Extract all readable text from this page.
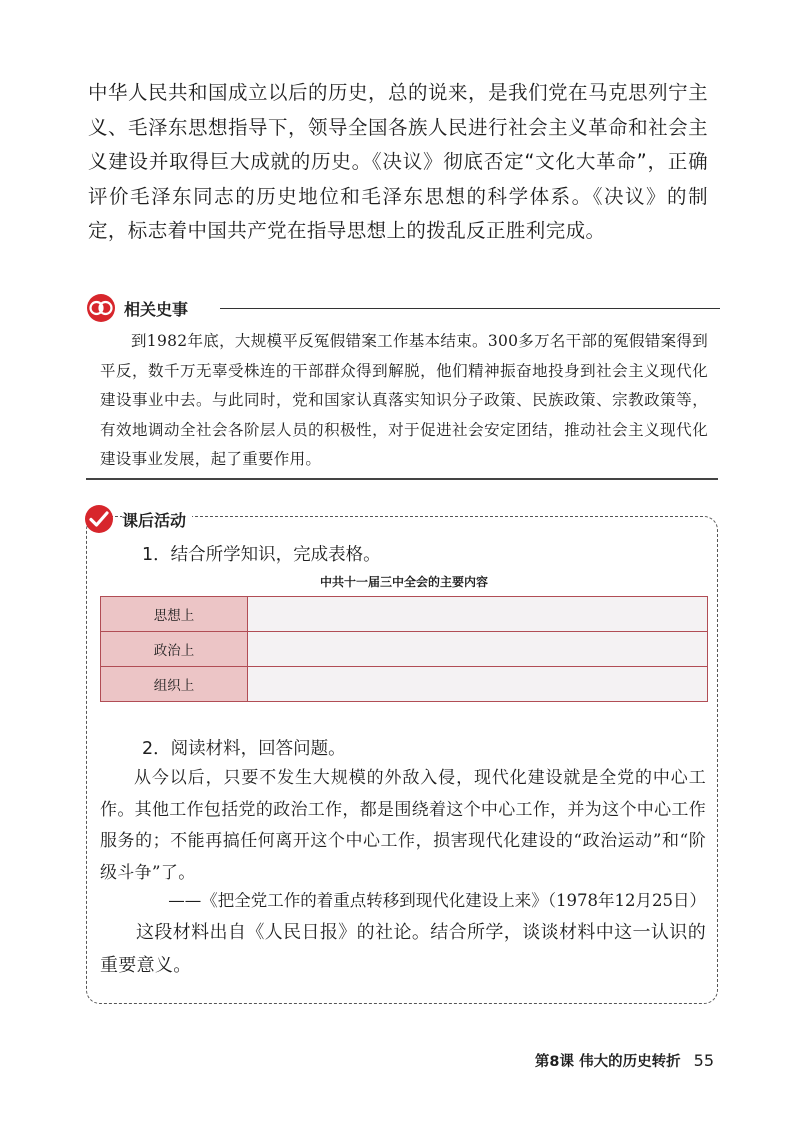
中华人民共和国成立以后的历史，总的说来，是我们党在马克思列宁主义、毛泽东思想指导下，领导全国各族人民进行社会主义革命和社会主义建设并取得巨大成就的历史。《决议》彻底否定“文化大革命”，正确评价毛泽东同志的历史地位和毛泽东思想的科学体系。《决议》的制定，标志着中国共产党在指导思想上的拨乱反正胜利完成。

相关史事

到1982年底，大规模平反冤假错案工作基本结束。300多万名干部的冤假错案得到平反，数千万无辜受株连的干部群众得到解脱，他们精神振奋地投身到社会主义现代化建设事业中去。与此同时，党和国家认真落实知识分子政策、民族政策、宗教政策等，有效地调动全社会各阶层人员的积极性，对于促进社会安定团结，推动社会主义现代化建设事业发展，起了重要作用。

课后活动
1．结合所学知识，完成表格。
中共十一届三中全会的主要内容
思想上	
政治上	
组织上	
2．阅读材料，回答问题。

从今以后，只要不发生大规模的外敌入侵，现代化建设就是全党的中心工作。其他工作包括党的政治工作，都是围绕着这个中心工作，并为这个中心工作服务的；不能再搞任何离开这个中心工作，损害现代化建设的“政治运动”和“阶级斗争”了。

——《把全党工作的着重点转移到现代化建设上来》（1978年12月25日）

这段材料出自《人民日报》的社论。结合所学，谈谈材料中这一认识的重要意义。

第8课 伟大的历史转折 55
